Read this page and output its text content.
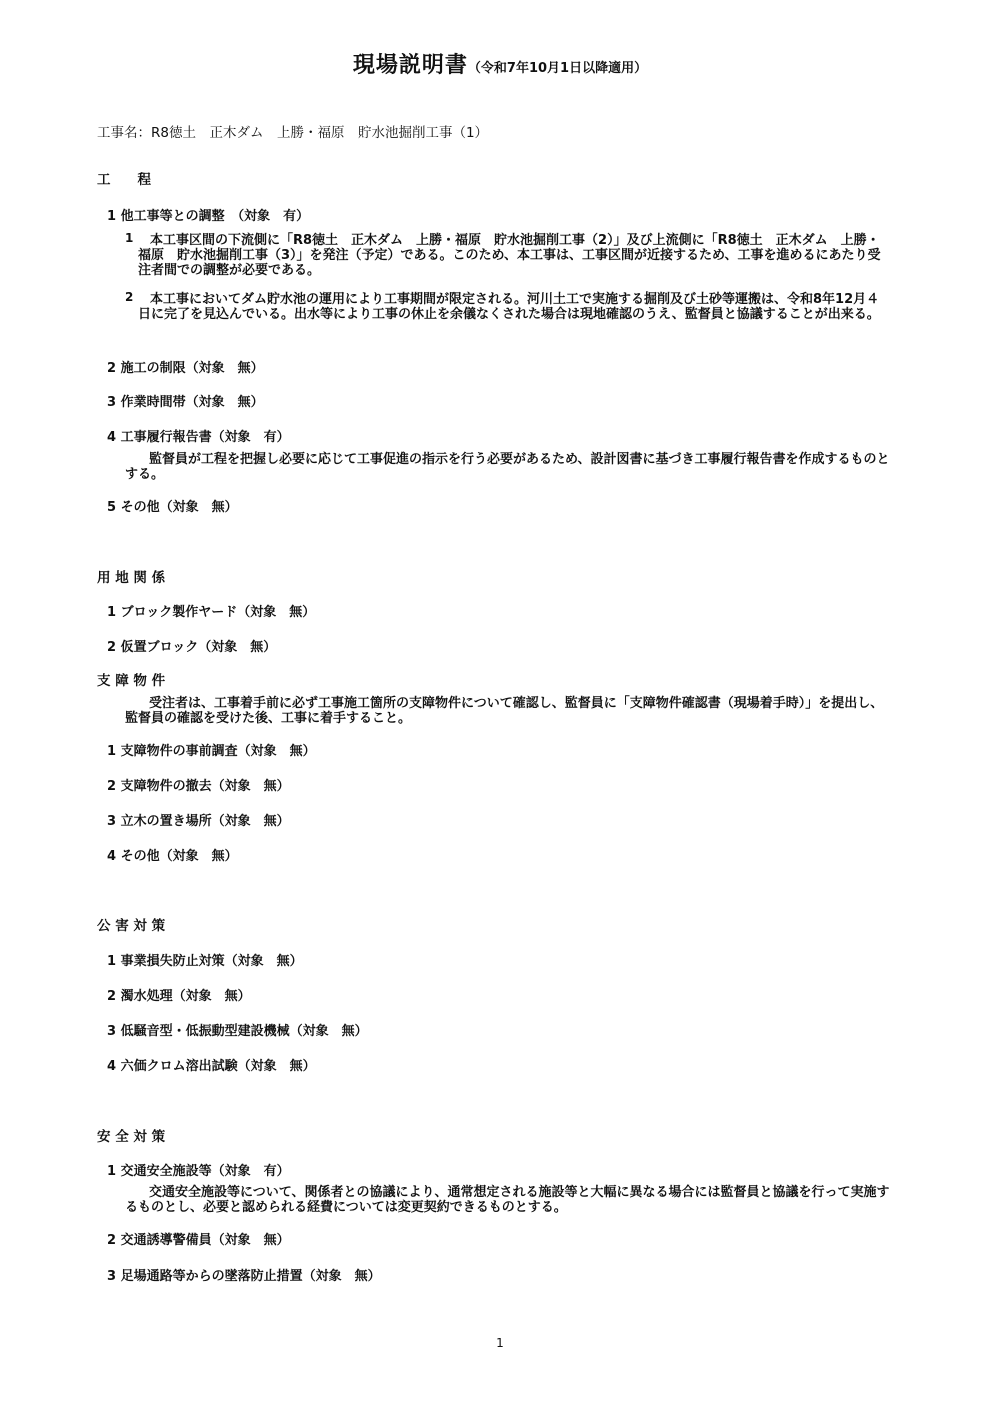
現場説明書（令和7年10月1日以降適用）
工事名：R8徳土　正木ダム　上勝・福原　貯水池掘削工事（1）
工　　程
1 他工事等との調整　（対象　有）
1	本工事区間の下流側に「R8徳土　正木ダム　上勝・福原　貯水池掘削工事（2）」及び上流側に「R8徳土　正木ダム　上勝・福原　貯水池掘削工事（3）」を発注（予定）である。このため、本工事は、工事区間が近接するため、工事を進めるにあたり受注者間での調整が必要である。
2	本工事においてダム貯水池の運用により工事期間が限定される。河川土工で実施する掘削及び土砂等運搬は、令和8年12月４日に完了を見込んでいる。出水等により工事の休止を余儀なくされた場合は現地確認のうえ、監督員と協議することが出来る。
2 施工の制限（対象　無）
3 作業時間帯（対象　無）
4 工事履行報告書（対象　有）
監督員が工程を把握し必要に応じて工事促進の指示を行う必要があるため、設計図書に基づき工事履行報告書を作成するものとする。
5 その他（対象　無）
用 地 関 係
1 ブロック製作ヤード（対象　無）
2 仮置ブロック（対象　無）
支 障 物 件
受注者は、工事着手前に必ず工事施工箇所の支障物件について確認し、監督員に「支障物件確認書（現場着手時）」を提出し、監督員の確認を受けた後、工事に着手すること。
1 支障物件の事前調査（対象　無）
2 支障物件の撤去（対象　無）
3 立木の置き場所（対象　無）
4 その他（対象　無）
公 害 対 策
1 事業損失防止対策（対象　無）
2 濁水処理（対象　無）
3 低騒音型・低振動型建設機械（対象　無）
4 六価クロム溶出試験（対象　無）
安 全 対 策
1 交通安全施設等（対象　有）
交通安全施設等について、関係者との協議により、通常想定される施設等と大幅に異なる場合には監督員と協議を行って実施するものとし、必要と認められる経費については変更契約できるものとする。
2 交通誘導警備員（対象　無）
3 足場通路等からの墜落防止措置（対象　無）
1
